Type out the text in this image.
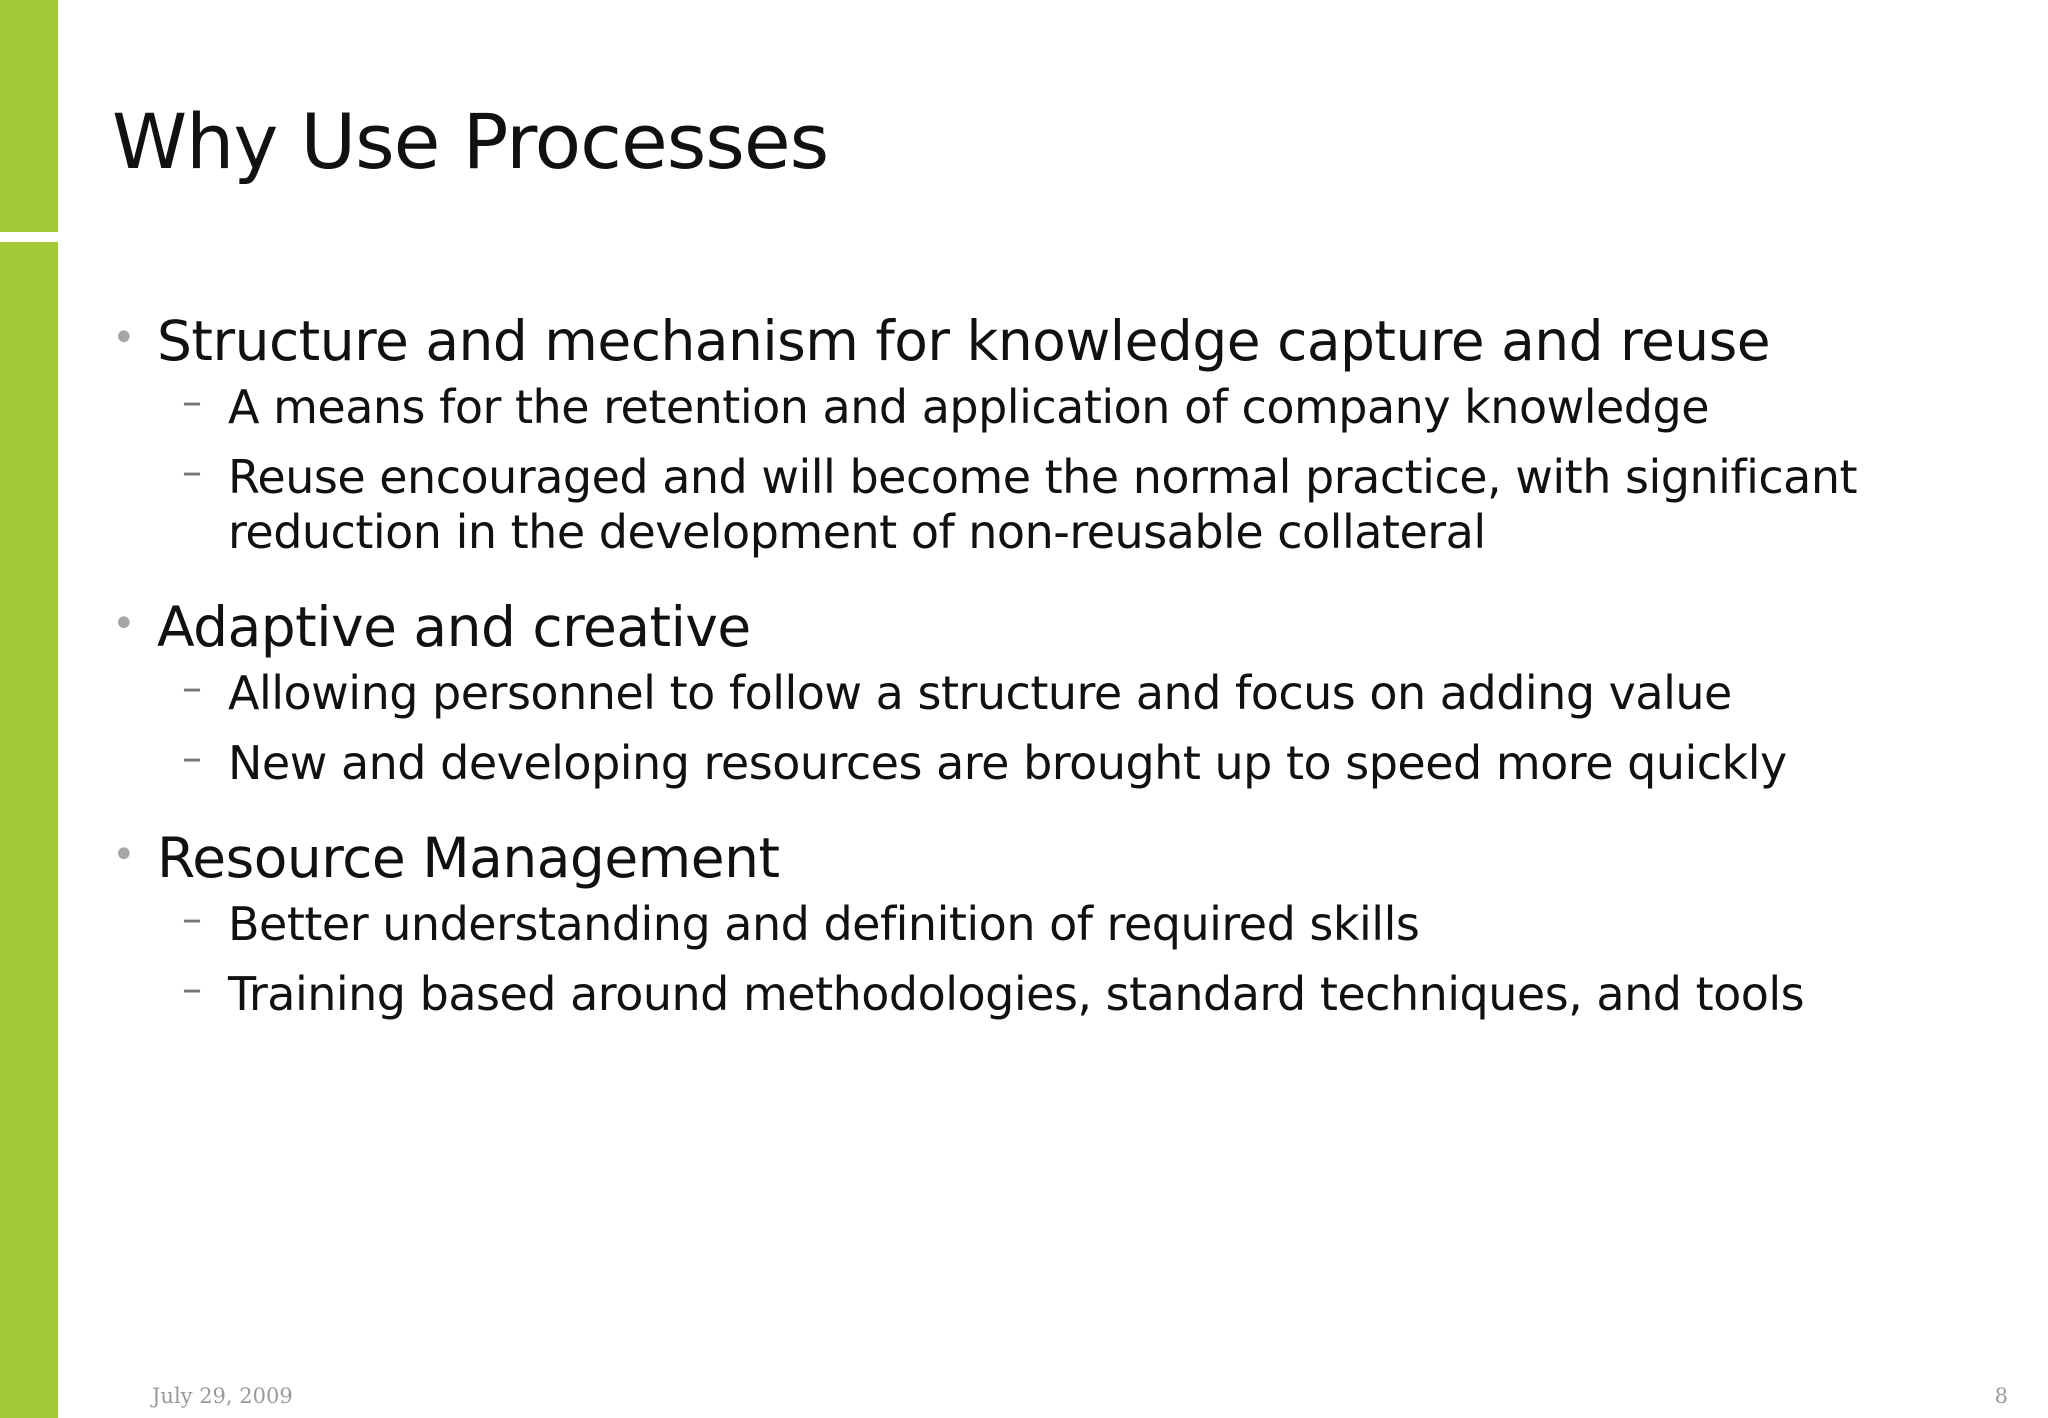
Why Use Processes

• Structure and mechanism for knowledge capture and reuse

– A means for the retention and application of company knowledge

– Reuse encouraged and will become the normal practice, with significant reduction in the development of non-reusable collateral

• Adaptive and creative

– Allowing personnel to follow a structure and focus on adding value

– New and developing resources are brought up to speed more quickly

• Resource Management

– Better understanding and definition of required skills

– Training based around methodologies, standard techniques, and tools

July 29, 2009	8
